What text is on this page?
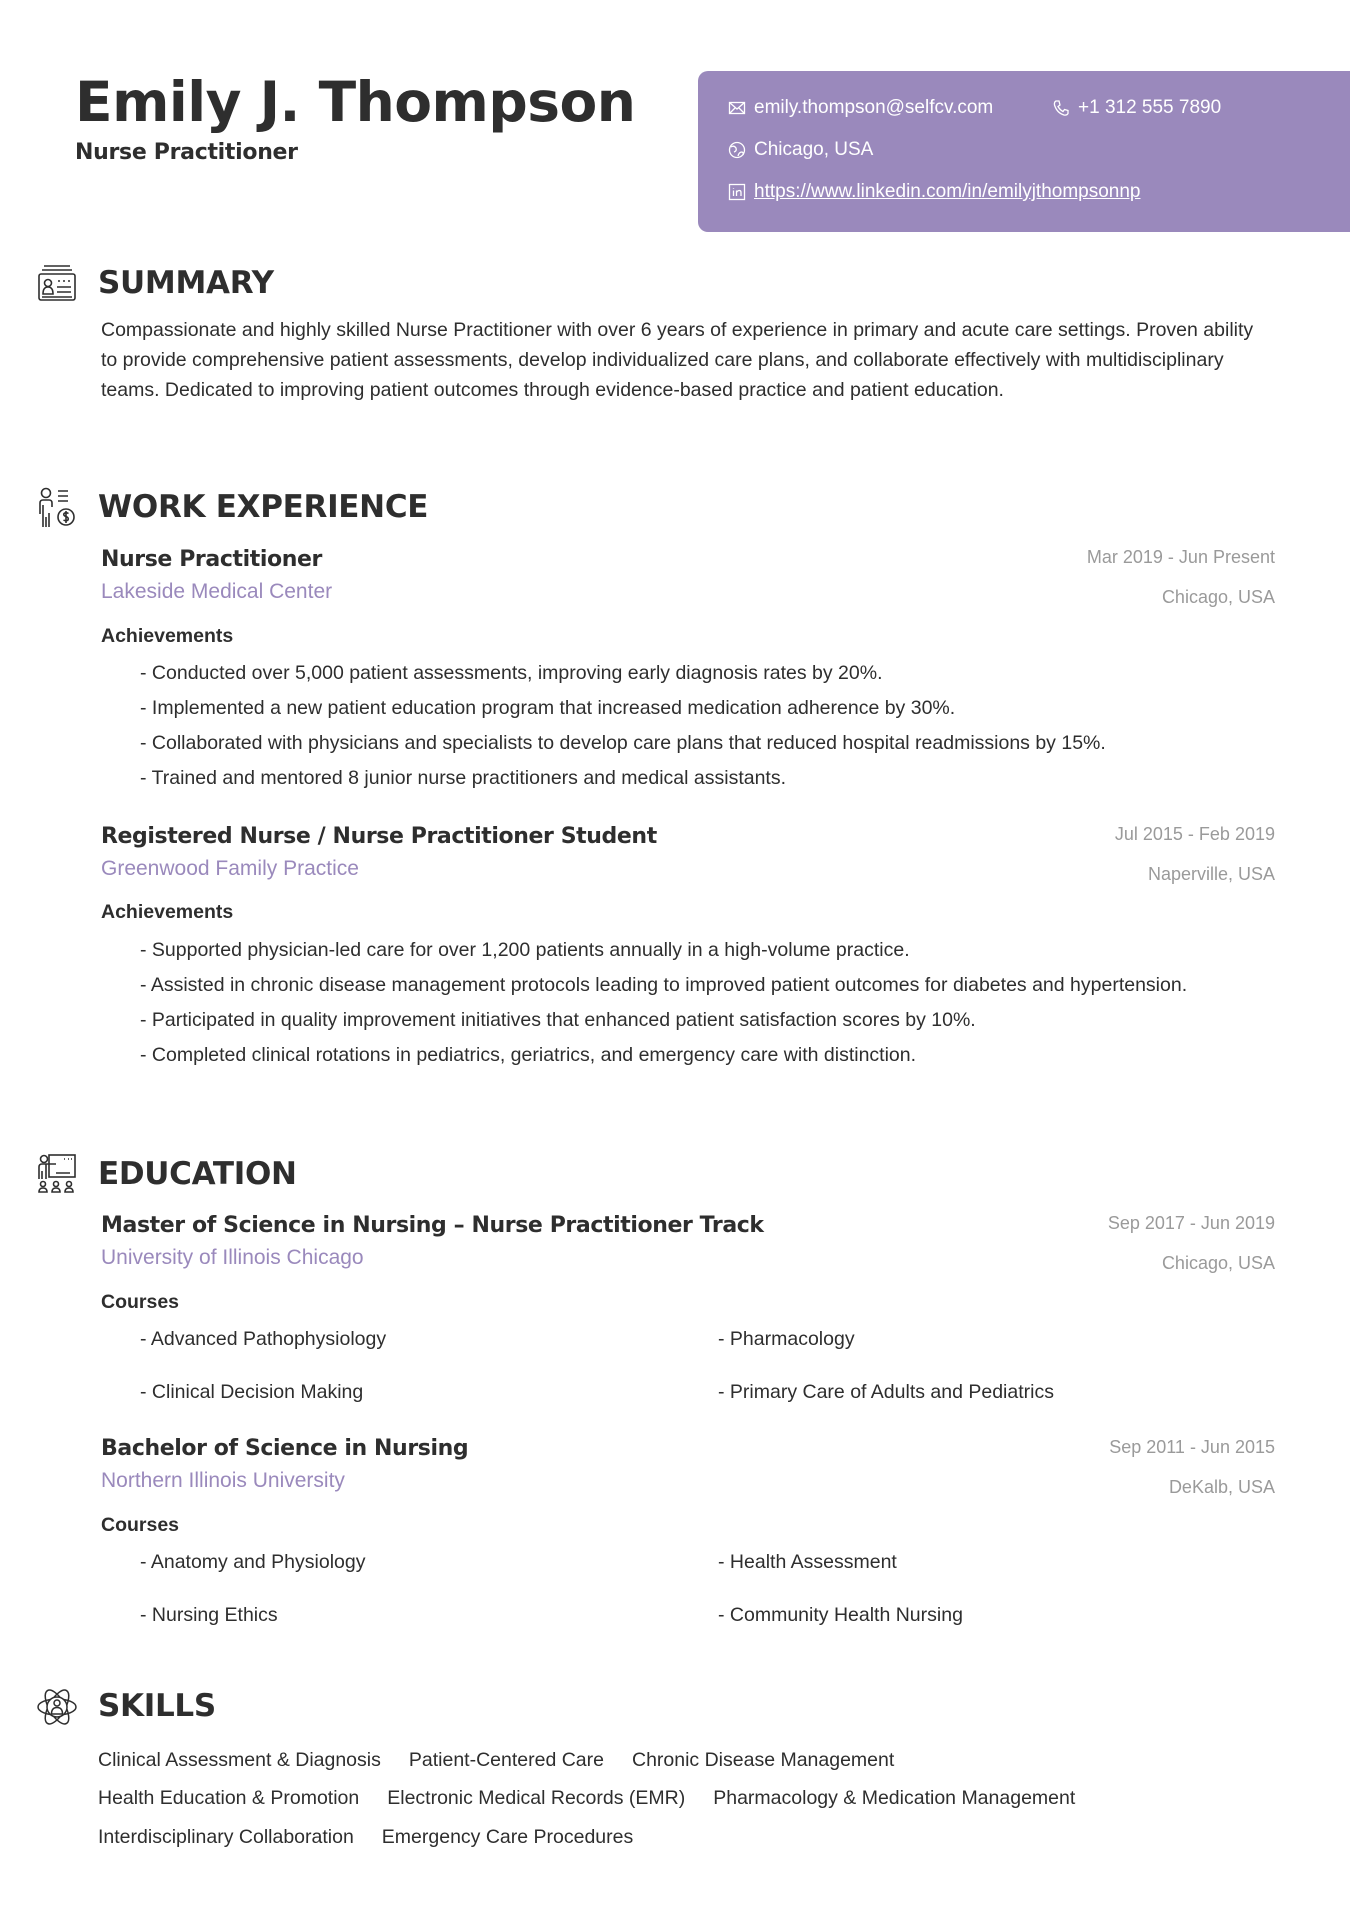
Emily J. Thompson
Nurse Practitioner
emily.thompson@selfcv.com	+1 312 555 7890
Chicago, USA
https://www.linkedin.com/in/emilyjthompsonnp
SUMMARY

Compassionate and highly skilled Nurse Practitioner with over 6 years of experience in primary and acute care settings. Proven ability to provide comprehensive patient assessments, develop individualized care plans, and collaborate effectively with multidisciplinary teams. Dedicated to improving patient outcomes through evidence-based practice and patient education.

WORK EXPERIENCE
Nurse Practitioner	Mar 2019 - Jun Present
Lakeside Medical Center	Chicago, USA
Achievements
- Conducted over 5,000 patient assessments, improving early diagnosis rates by 20%.
- Implemented a new patient education program that increased medication adherence by 30%.
- Collaborated with physicians and specialists to develop care plans that reduced hospital readmissions by 15%.
- Trained and mentored 8 junior nurse practitioners and medical assistants.
Registered Nurse / Nurse Practitioner Student	Jul 2015 - Feb 2019
Greenwood Family Practice	Naperville, USA
Achievements
- Supported physician-led care for over 1,200 patients annually in a high-volume practice.
- Assisted in chronic disease management protocols leading to improved patient outcomes for diabetes and hypertension.
- Participated in quality improvement initiatives that enhanced patient satisfaction scores by 10%.
- Completed clinical rotations in pediatrics, geriatrics, and emergency care with distinction.
EDUCATION
Master of Science in Nursing – Nurse Practitioner Track	Sep 2017 - Jun 2019
University of Illinois Chicago	Chicago, USA
Courses
- Advanced Pathophysiology	- Pharmacology
- Clinical Decision Making	- Primary Care of Adults and Pediatrics
Bachelor of Science in Nursing	Sep 2011 - Jun 2015
Northern Illinois University	DeKalb, USA
Courses
- Anatomy and Physiology	- Health Assessment
- Nursing Ethics	- Community Health Nursing
SKILLS
Clinical Assessment & Diagnosis Patient-Centered Care Chronic Disease Management
Health Education & Promotion Electronic Medical Records (EMR) Pharmacology & Medication Management
Interdisciplinary Collaboration Emergency Care Procedures
